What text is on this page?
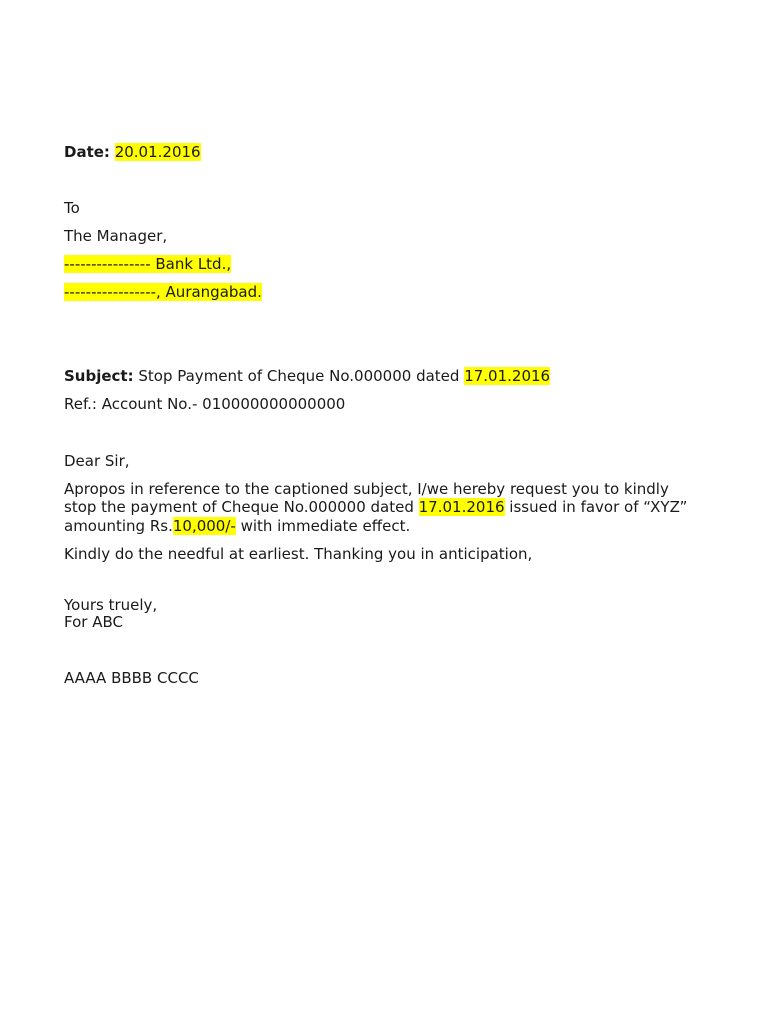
Date: 20.01.2016
To
The Manager,
---------------- Bank Ltd.,
-----------------, Aurangabad.
Subject: Stop Payment of Cheque No.000000 dated 17.01.2016
Ref.: Account No.- 010000000000000
Dear Sir,
Apropos in reference to the captioned subject, I/we hereby request you to kindly
stop the payment of Cheque No.000000 dated 17.01.2016 issued in favor of “XYZ”
amounting Rs.10,000/- with immediate effect.
Kindly do the needful at earliest. Thanking you in anticipation,
Yours truely,
For ABC
AAAA BBBB CCCC
